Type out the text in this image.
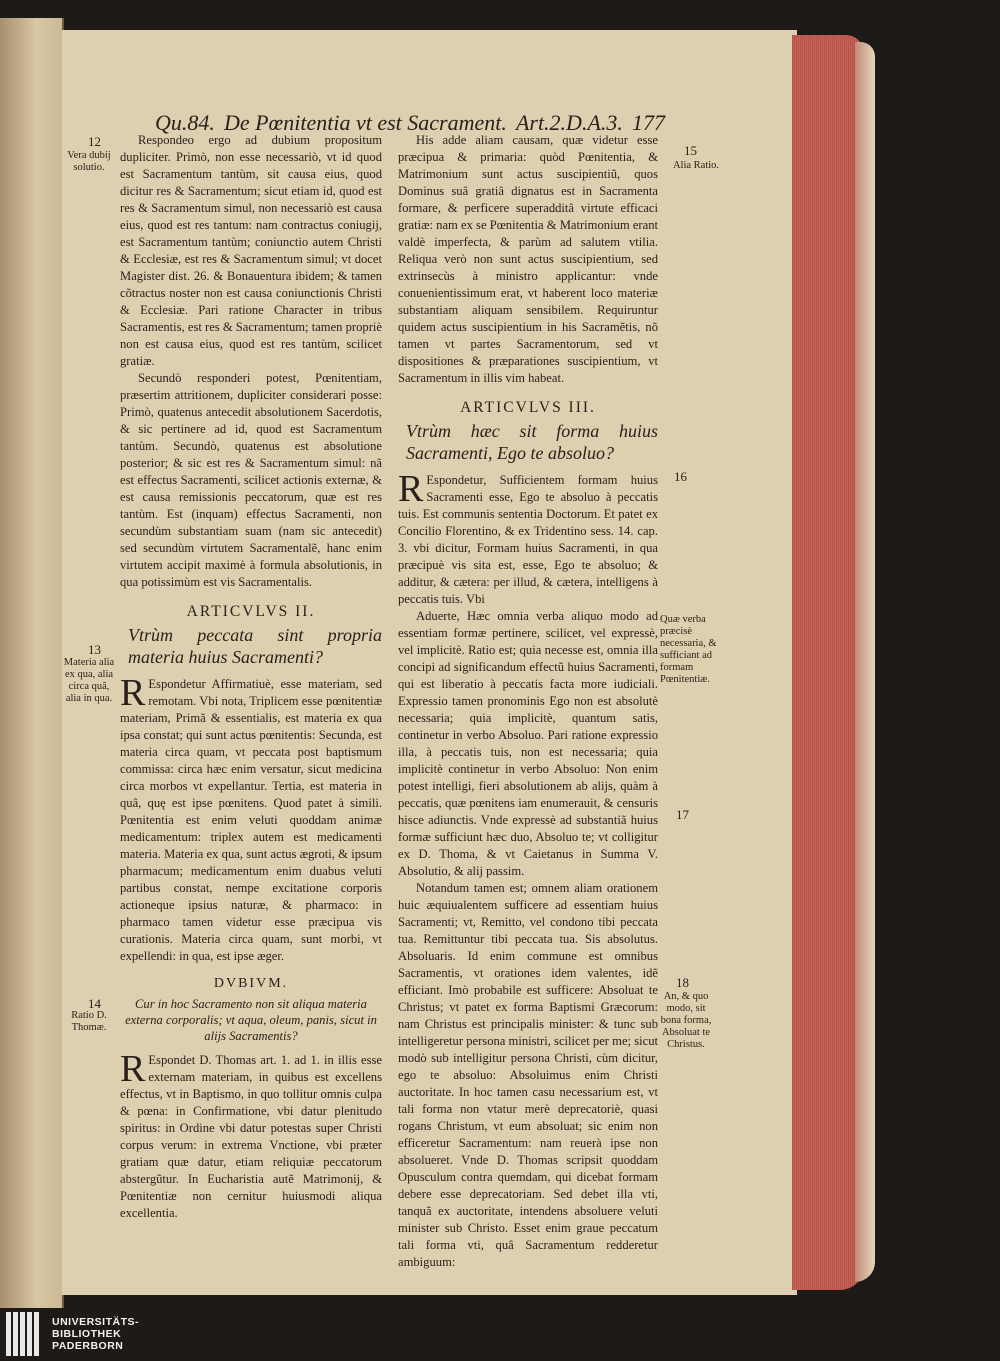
Qu.84. De Pœnitentia vt est Sacrament. Art.2.D.A.3. 177

Respondeo ergo ad dubium propositum dupliciter. Primò, non esse necessariò, vt id quod est Sacramentum tantùm, sit causa eius, quod dicitur res & Sacramentum; sicut etiam id, quod est res & Sacramentum simul, non necessariò est causa eius, quod est res tantum: nam contractus coniugij, est Sacramentum tantùm; coniunctio autem Christi & Ecclesiæ, est res & Sacramentum simul; vt docet Magister dist. 26. & Bonauentura ibidem; & tamen cõtractus noster non est causa coniunctionis Christi & Ecclesiæ. Pari ratione Character in tribus Sacramentis, est res & Sacramentum; tamen propriè non est causa eius, quod est res tantùm, scilicet gratiæ.

Secundò responderi potest, Pœnitentiam, præsertim attritionem, dupliciter considerari posse: Primò, quatenus antecedit absolutionem Sacerdotis, & sic pertinere ad id, quod est Sacramentum tantùm. Secundò, quatenus est absolutione posterior; & sic est res & Sacramentum simul: nã est effectus Sacramenti, scilicet actionis externæ, & est causa remissionis peccatorum, quæ est res tantùm. Est (inquam) effectus Sacramenti, non secundùm substantiam suam (nam sic antecedit) sed secundùm virtutem Sacramentalẽ, hanc enim virtutem accipit maximè à formula absolutionis, in qua potissimùm est vis Sacramentalis.

ARTICVLVS II.
Vtrùm peccata sint propria materia huius Sacramenti?

R Espondetur Affirmatiuè, esse materiam, sed remotam. Vbi nota, Triplicem esse pœnitentiæ materiam, Primã & essentialis, est materia ex qua ipsa constat; qui sunt actus pœnitentis: Secunda, est materia circa quam, vt peccata post baptismum commissa: circa hæc enim versatur, sicut medicina circa morbos vt expellantur. Tertia, est materia in quâ, quę est ipse pœnitens. Quod patet à simili. Pœnitentia est enim veluti quoddam animæ medicamentum: triplex autem est medicamenti materia. Materia ex qua, sunt actus ægroti, & ipsum pharmacum; medicamentum enim duabus veluti partibus constat, nempe excitatione corporis actioneque ipsius naturæ, & pharmaco: in pharmaco tamen videtur esse præcipua vis curationis. Materia circa quam, sunt morbi, vt expellendi: in qua, est ipse æger.

DVBIVM.
Cur in hoc Sacramento non sit aliqua materia externa corporalis; vt aqua, oleum, panis, sicut in alijs Sacramentis?

R Espondet D. Thomas art. 1. ad 1. in illis esse externam materiam, in quibus est excellens effectus, vt in Baptismo, in quo tollitur omnis culpa & pœna: in Confirmatione, vbi datur plenitudo spiritus: in Ordine vbi datur potestas super Christi corpus verum: in extrema Vnctione, vbi præter gratiam quæ datur, etiam reliquiæ peccatorum abstergũtur. In Eucharistia autẽ Matrimonij, & Pœnitentiæ non cernitur huiusmodi aliqua excellentia.

His adde aliam causam, quæ videtur esse præcipua & primaria: quòd Pœnitentia, & Matrimonium sunt actus suscipientiũ, quos Dominus suâ gratiâ dignatus est in Sacramenta formare, & perficere superadditâ virtute efficaci gratiæ: nam ex se Pœnitentia & Matrimonium erant valdè imperfecta, & parùm ad salutem vtilia. Reliqua verò non sunt actus suscipientium, sed extrinsecùs à ministro applicantur: vnde conuenientissimum erat, vt haberent loco materiæ substantiam aliquam sensibilem. Requiruntur quidem actus suscipientium in his Sacramẽtis, nõ tamen vt partes Sacramentorum, sed vt dispositiones & præparationes suscipientium, vt Sacramentum in illis vim habeat.

ARTICVLVS III.
Vtrùm hæc sit forma huius Sacramenti, Ego te absoluo?

R Espondetur, Sufficientem formam huius Sacramenti esse, Ego te absoluo à peccatis tuis. Est communis sententia Doctorum. Et patet ex Concilio Florentino, & ex Tridentino sess. 14. cap. 3. vbi dicitur, Formam huius Sacramenti, in qua præcipuè vis sita est, esse, Ego te absoluo; & additur, & cætera: per illud, & cætera, intelligens à peccatis tuis. Vbi

Aduerte, Hæc omnia verba aliquo modo ad essentiam formæ pertinere, scilicet, vel expressè, vel implicitè. Ratio est; quia necesse est, omnia illa concipi ad significandum effectũ huius Sacramenti, qui est liberatio à peccatis facta more iudiciali. Expressio tamen pronominis Ego non est absolutè necessaria; quia implicitè, quantum satis, continetur in verbo Absoluo. Pari ratione expressio illa, à peccatis tuis, non est necessaria; quia implicitè continetur in verbo Absoluo: Non enim potest intelligi, fieri absolutionem ab alijs, quàm à peccatis, quæ pœnitens iam enumerauit, & censuris hisce adiunctis. Vnde expressè ad substantiã huius formæ sufficiunt hæc duo, Absoluo te; vt colligitur ex D. Thoma, & vt Caietanus in Summa V. Absolutio, & alij passim.

Notandum tamen est; omnem aliam orationem huic æquiualentem sufficere ad essentiam huius Sacramenti; vt, Remitto, vel condono tibi peccata tua. Remittuntur tibi peccata tua. Sis absolutus. Absoluaris. Id enim commune est omnibus Sacramentis, vt orationes idem valentes, idẽ efficiant. Imò probabile est sufficere: Absoluat te Christus; vt patet ex forma Baptismi Græcorum: nam Christus est principalis minister: & tunc sub intelligeretur persona ministri, scilicet per me; sicut modò sub intelligitur persona Christi, cùm dicitur, ego te absoluo: Absoluimus enim Christi auctoritate. In hoc tamen casu necessarium est, vt tali forma non vtatur merè deprecatoriè, quasi rogans Christum, vt eum absoluat; sic enim non efficeretur Sacramentum: nam reuerà ipse non absolueret. Vnde D. Thomas scripsit quoddam Opusculum contra quemdam, qui dicebat formam debere esse deprecatoriam. Sed debet illa vti, tanquã ex auctoritate, intendens absoluere veluti minister sub Christo. Esset enim graue peccatum tali forma vti, quâ Sacramentum redderetur ambiguum:

12
Vera dubij solutio.
13
Materia alia ex qua, alia circa quã, alia in qua.
14
Ratio D. Thomæ.
15
Alia Ratio.
16
Quæ verba præcisè necessaria, & sufficiant ad formam Pœnitentiæ.
17
18
An, & quo modo, sit bona forma, Absoluat te Christus.
UNIVERSITÄTS-
BIBLIOTHEK
PADERBORN
